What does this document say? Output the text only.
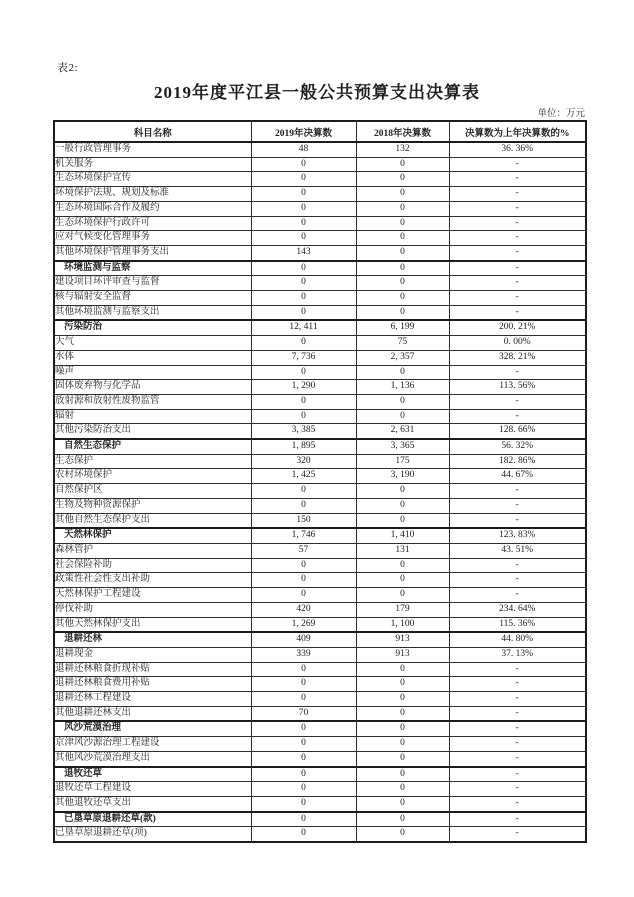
表2:
2019年度平江县一般公共预算支出决算表
单位：万元
科目名称	2019年决算数	2018年决算数	决算数为上年决算数的%
一般行政管理事务	48	132	36. 36%
机关服务	0	0	-
生态环境保护宣传	0	0	-
环境保护法规、规划及标准	0	0	-
生态环境国际合作及履约	0	0	-
生态环境保护行政许可	0	0	-
应对气候变化管理事务	0	0	-
其他环境保护管理事务支出	143	0	-
环境监测与监察	0	0	-
建设项目环评审查与监督	0	0	-
核与辐射安全监督	0	0	-
其他环境监测与监察支出	0	0	-
污染防治	12, 411	6, 199	200. 21%
大气	0	75	0. 00%
水体	7, 736	2, 357	328. 21%
噪声	0	0	-
固体废弃物与化学品	1, 290	1, 136	113. 56%
放射源和放射性废物监管	0	0	-
辐射	0	0	-
其他污染防治支出	3, 385	2, 631	128. 66%
自然生态保护	1, 895	3, 365	56. 32%
生态保护	320	175	182. 86%
农村环境保护	1, 425	3, 190	44. 67%
自然保护区	0	0	-
生物及物种资源保护	0	0	-
其他自然生态保护支出	150	0	-
天然林保护	1, 746	1, 410	123. 83%
森林管护	57	131	43. 51%
社会保险补助	0	0	-
政策性社会性支出补助	0	0	-
天然林保护工程建设	0	0	-
停伐补助	420	179	234. 64%
其他天然林保护支出	1, 269	1, 100	115. 36%
退耕还林	409	913	44. 80%
退耕现金	339	913	37. 13%
退耕还林粮食折现补贴	0	0	-
退耕还林粮食费用补贴	0	0	-
退耕还林工程建设	0	0	-
其他退耕还林支出	70	0	-
风沙荒漠治理	0	0	-
京津风沙源治理工程建设	0	0	-
其他风沙荒漠治理支出	0	0	-
退牧还草	0	0	-
退牧还草工程建设	0	0	-
其他退牧还草支出	0	0	-
已垦草原退耕还草(款)	0	0	-
已垦草原退耕还草(项)	0	0	-
